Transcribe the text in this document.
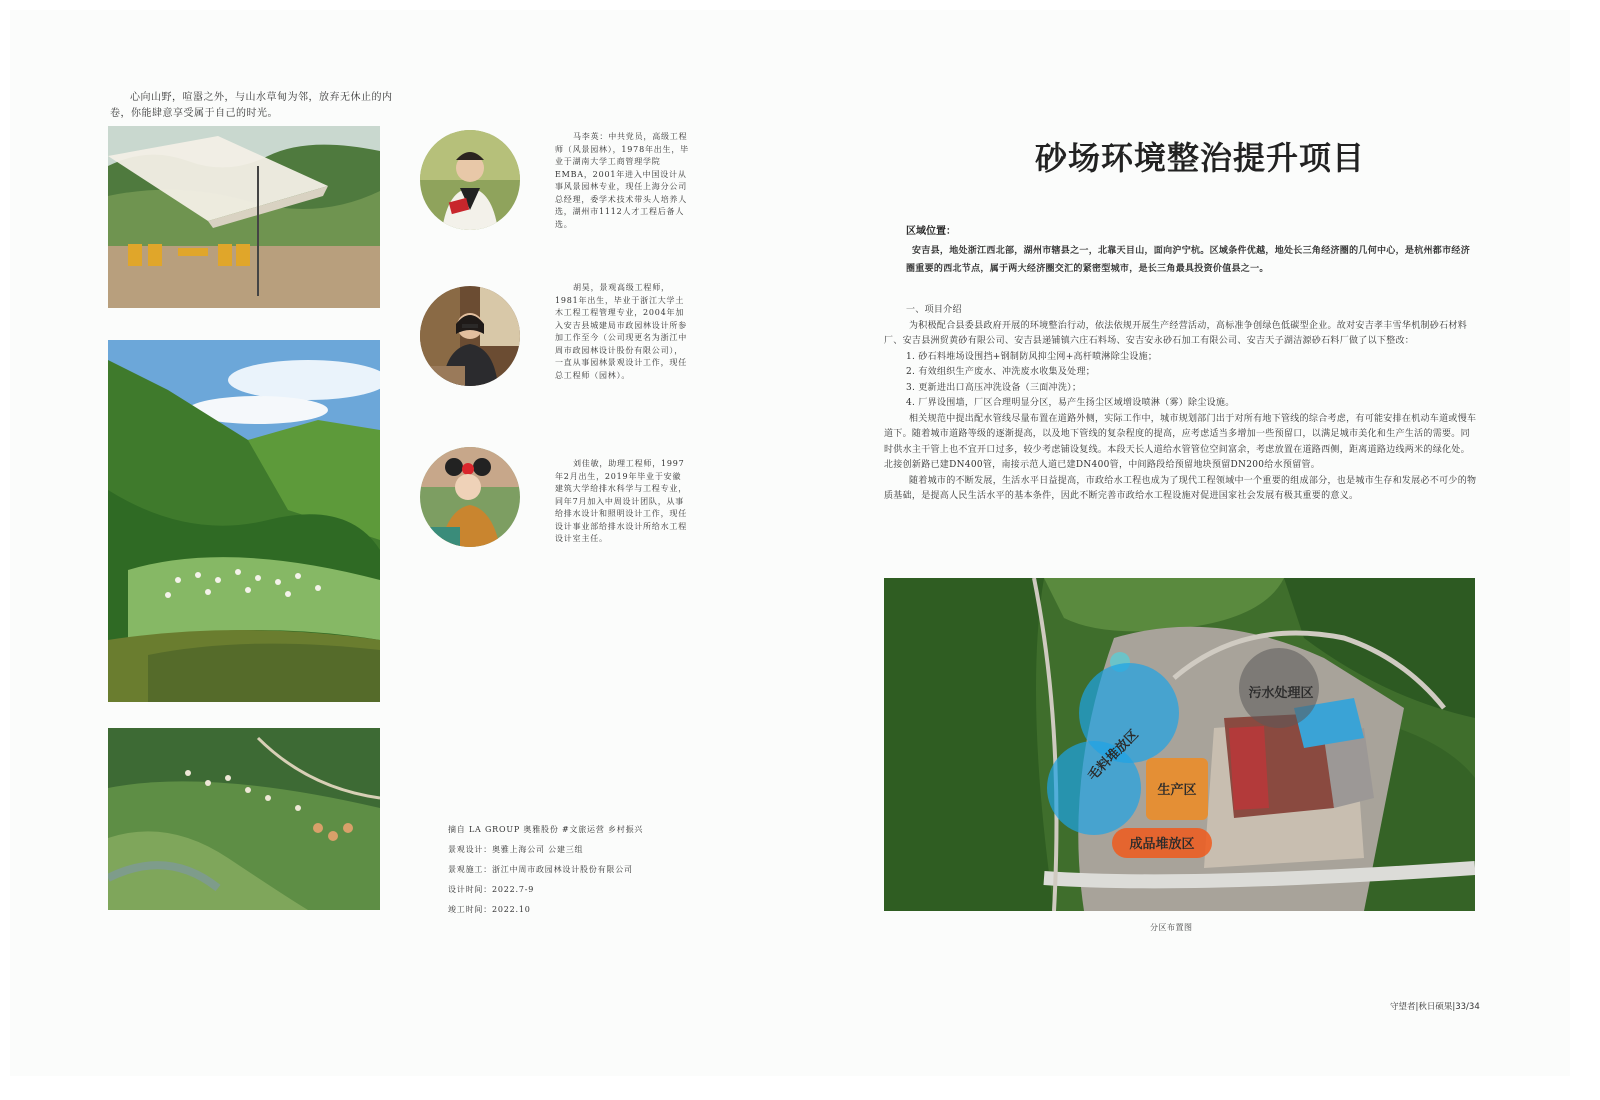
心向山野，喧嚣之外，与山水草甸为邻，放弃无休止的内卷，你能肆意享受属于自己的时光。
马李英：中共党员，高级工程师（风景园林），1978年出生，毕业于湖南大学工商管理学院EMBA，2001年进入中国设计从事风景园林专业，现任上海分公司总经理，委学术技术带头人培养人选，湖州市1112人才工程后备人选。
胡昊，景观高级工程师，1981年出生，毕业于浙江大学土木工程工程管理专业，2004年加入安吉县城建局市政园林设计所参加工作至今（公司现更名为浙江中周市政园林设计股份有限公司），一直从事园林景观设计工作，现任总工程师（园林）。
刘佳敏，助理工程师，1997年2月出生，2019年毕业于安徽建筑大学给排水科学与工程专业，同年7月加入中周设计团队，从事给排水设计和照明设计工作，现任设计事业部给排水设计所给水工程设计室主任。
摘自 LA GROUP 奥雅股份 #文旅运营 乡村振兴
景观设计：奥雅上海公司 公建三组
景观施工：浙江中周市政园林设计股份有限公司
设计时间：2022.7-9
竣工时间：2022.10
砂场环境整治提升项目
区域位置：
安吉县，地处浙江西北部，湖州市辖县之一，北靠天目山，面向沪宁杭。区域条件优越，地处长三角经济圈的几何中心，是杭州都市经济圈重要的西北节点，属于两大经济圈交汇的紧密型城市，是长三角最具投资价值县之一。

一、项目介绍

为积极配合县委县政府开展的环境整治行动，依法依规开展生产经营活动，高标准争创绿色低碳型企业。故对安吉孝丰雪华机制砂石材料厂、安吉县洲贸黄砂有限公司、安吉县递铺镇六庄石料场、安吉安永砂石加工有限公司、安吉天子湖洁源砂石料厂做了以下整改：

1. 砂石料堆场设围挡+钢制防风抑尘网+高杆喷淋除尘设施；

2. 有效组织生产废水、冲洗废水收集及处理；

3. 更新进出口高压冲洗设备（三面冲洗）；

4. 厂界设围墙，厂区合理明显分区，易产生扬尘区域增设喷淋（雾）除尘设施。

相关规范中提出配水管线尽量布置在道路外侧，实际工作中，城市规划部门出于对所有地下管线的综合考虑，有可能安排在机动车道或慢车道下。随着城市道路等级的逐渐提高，以及地下管线的复杂程度的提高，应考虑适当多增加一些预留口，以满足城市美化和生产生活的需要。同时供水主干管上也不宜开口过多，较少考虑铺设复线。本段天长人道给水管管位空间富余，考虑放置在道路西侧，距离道路边线两米的绿化处。北接创新路已建DN400管，南接示范人道已建DN400管，中间路段给预留地块预留DN200给水预留管。

随着城市的不断发展，生活水平日益提高，市政给水工程也成为了现代工程领域中一个重要的组成部分，也是城市生存和发展必不可少的物质基础，是提高人民生活水平的基本条件，因此不断完善市政给水工程设施对促进国家社会发展有极其重要的意义。

污水处理区
毛料堆放区
生产区
成品堆放区
分区布置图
守望者|秋日硕果|33/34
